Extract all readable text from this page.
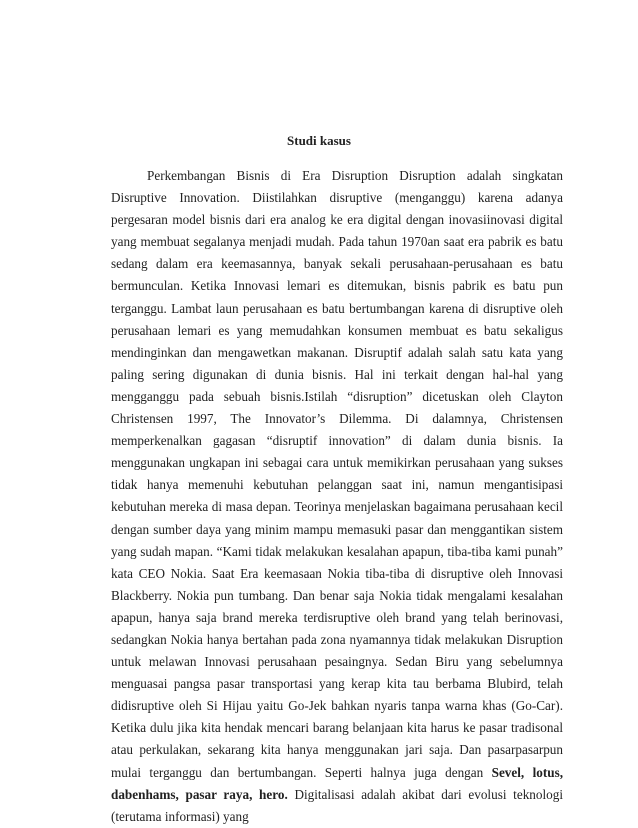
Studi kasus

Perkembangan Bisnis di Era Disruption Disruption adalah singkatan Disruptive Innovation. Diistilahkan disruptive (menganggu) karena adanya pergesaran model bisnis dari era analog ke era digital dengan inovasiinovasi digital yang membuat segalanya menjadi mudah. Pada tahun 1970an saat era pabrik es batu sedang dalam era keemasannya, banyak sekali perusahaan-perusahaan es batu bermunculan. Ketika Innovasi lemari es ditemukan, bisnis pabrik es batu pun terganggu. Lambat laun perusahaan es batu bertumbangan karena di disruptive oleh perusahaan lemari es yang memudahkan konsumen membuat es batu sekaligus mendinginkan dan mengawetkan makanan. Disruptif adalah salah satu kata yang paling sering digunakan di dunia bisnis. Hal ini terkait dengan hal-hal yang mengganggu pada sebuah bisnis.Istilah “disruption” dicetuskan oleh Clayton Christensen 1997, The Innovator’s Dilemma. Di dalamnya, Christensen memperkenalkan gagasan “disruptif innovation” di dalam dunia bisnis. Ia menggunakan ungkapan ini sebagai cara untuk memikirkan perusahaan yang sukses tidak hanya memenuhi kebutuhan pelanggan saat ini, namun mengantisipasi kebutuhan mereka di masa depan. Teorinya menjelaskan bagaimana perusahaan kecil dengan sumber daya yang minim mampu memasuki pasar dan menggantikan sistem yang sudah mapan. “Kami tidak melakukan kesalahan apapun, tiba-tiba kami punah” kata CEO Nokia. Saat Era keemasaan Nokia tiba-tiba di disruptive oleh Innovasi Blackberry. Nokia pun tumbang. Dan benar saja Nokia tidak mengalami kesalahan apapun, hanya saja brand mereka terdisruptive oleh brand yang telah berinovasi, sedangkan Nokia hanya bertahan pada zona nyamannya tidak melakukan Disruption untuk melawan Innovasi perusahaan pesaingnya. Sedan Biru yang sebelumnya menguasai pangsa pasar transportasi yang kerap kita tau berbama Blubird, telah didisruptive oleh Si Hijau yaitu Go-Jek bahkan nyaris tanpa warna khas (Go-Car). Ketika dulu jika kita hendak mencari barang belanjaan kita harus ke pasar tradisonal atau perkulakan, sekarang kita hanya menggunakan jari saja. Dan pasarpasarpun mulai terganggu dan bertumbangan. Seperti halnya juga dengan Sevel, lotus, dabenhams, pasar raya, hero. Digitalisasi adalah akibat dari evolusi teknologi (terutama informasi) yang
